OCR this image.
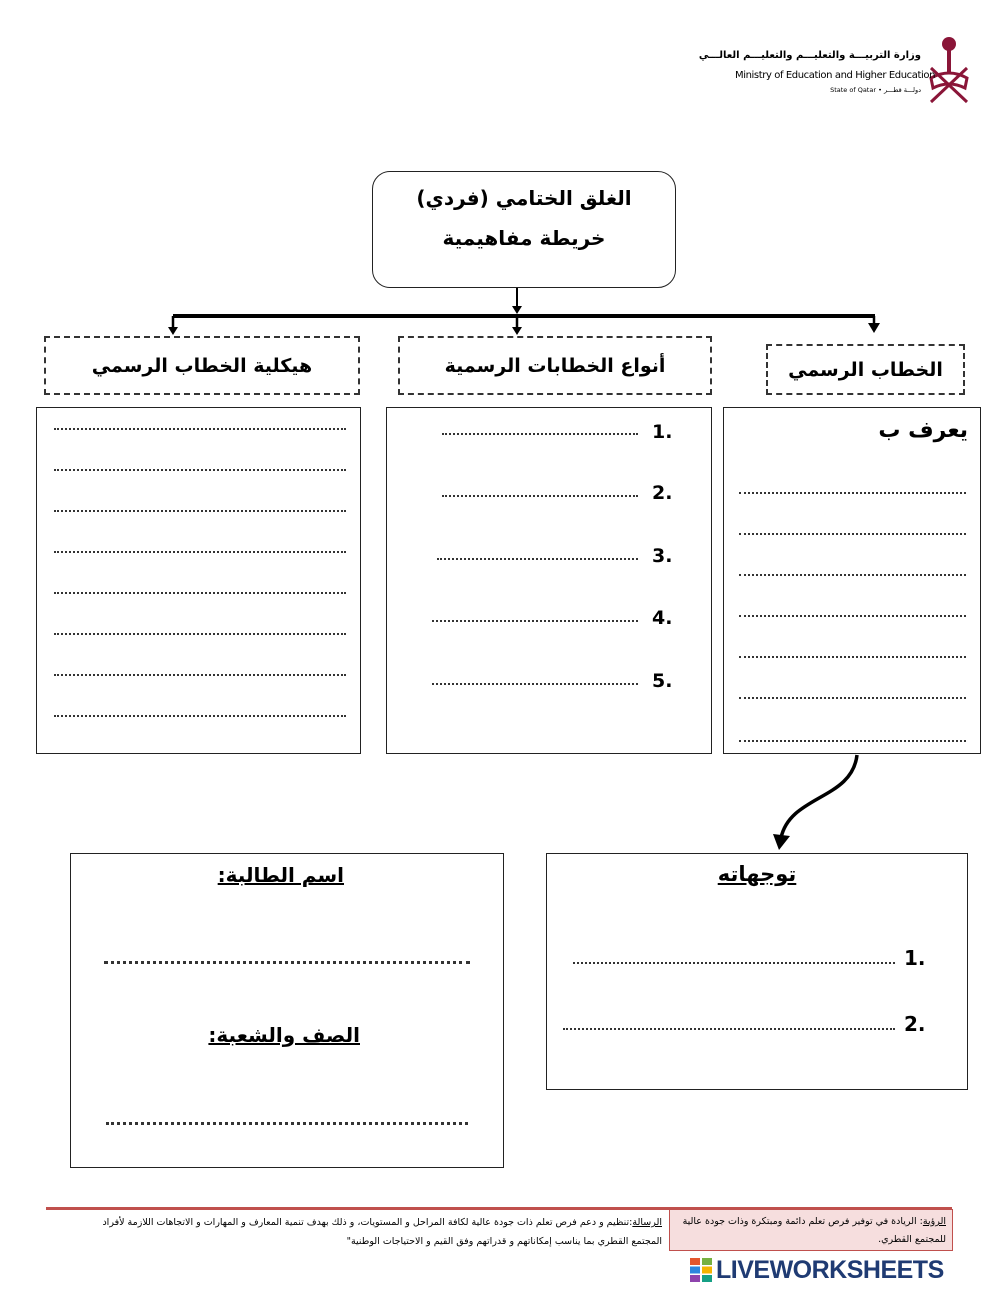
وزارة التربيـــة والتعليـــم والتعليـــم العالـــي
Ministry of Education and Higher Education
State of Qatar • دولـــة قطـــر
الغلق الختامي (فردي)
خريطة مفاهيمية
هيكلية الخطاب الرسمي	أنواع الخطابات الرسمية	الخطاب الرسمي
1.
2.
3.
4.
5.
يعرف ب
اسم الطالبة:
الصف والشعبة:
توجهاته
1.
2.
الرسالة:تنظيم و دعم فرص تعلم ذات جودة عالية لكافة المراحل و المستويات، و ذلك بهدف تنمية المعارف و المهارات و الاتجاهات اللازمة لأفراد المجتمع القطري بما يناسب إمكاناتهم و قدراتهم وفق القيم و الاحتياجات الوطنية"
الرؤية: الريادة في توفير فرص تعلم دائمة ومبتكرة وذات جودة عالية للمجتمع القطري.
LIVEWORKSHEETS
